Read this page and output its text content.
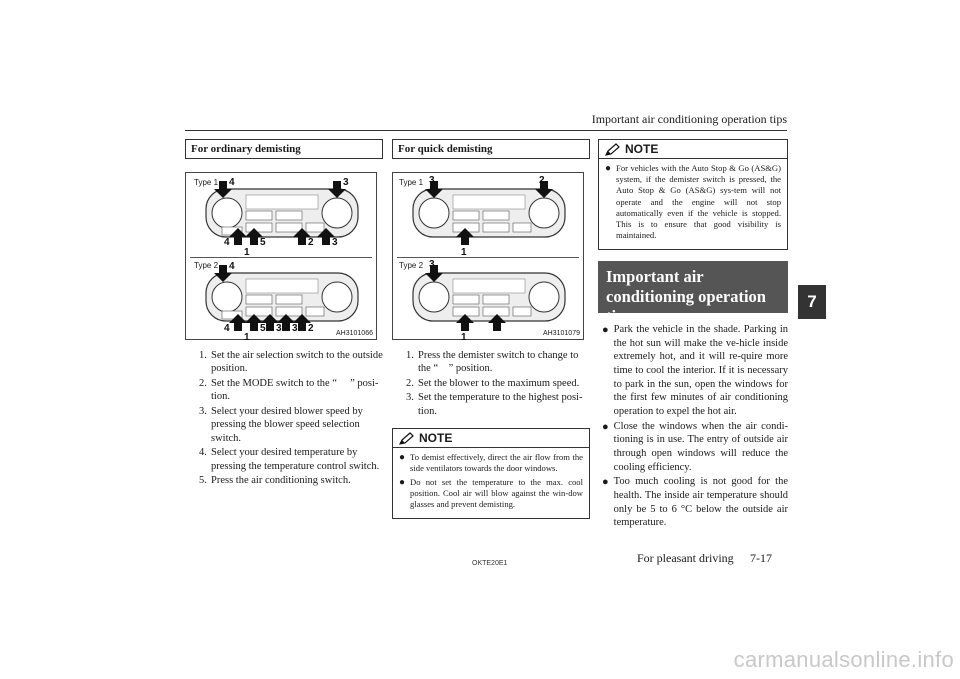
Important air conditioning operation tips
For ordinary demisting
Type 1
Type 2
4	3
4	5	2 3
1
4
4	5 3 3 2
1	AH3101066
1. Set the air selection switch to the outside position.
2. Set the MODE switch to the “     ” posi-tion.
3. Select your desired blower speed by pressing the blower speed selection switch.
4. Select your desired temperature by pressing the temperature control switch.
5. Press the air conditioning switch.
For quick demisting
Type 1
Type 2
3	2
1
3
2
1	AH3101079
1. Press the demister switch to change to the “    ” position.
2. Set the blower to the maximum speed.
3. Set the temperature to the highest posi-tion.
NOTE
● To demist effectively, direct the air flow from the side ventilators towards the door windows.
● Do not set the temperature to the max. cool position. Cool air will blow against the win-dow glasses and prevent demisting.
NOTE
● For vehicles with the Auto Stop & Go (AS&G) system, if the demister switch is pressed, the Auto Stop & Go (AS&G) sys-tem will not operate and the engine will not stop automatically even if the vehicle is stopped. This is to ensure that good visibility is maintained.
Important air conditioning operation tips
● Park the vehicle in the shade. Parking in the hot sun will make the ve-hicle inside extremely hot, and it will re-quire more time to cool the interior. If it is necessary to park in the sun, open the windows for the first few minutes of air conditioning operation to expel the hot air.
● Close the windows when the air condi-tioning is in use. The entry of outside air through open windows will reduce the cooling efficiency.
● Too much cooling is not good for the health. The inside air temperature should only be 5 to 6 °C below the outside air temperature.
7
OKTE20E1	For pleasant driving 7-17
carmanualsonline.info
